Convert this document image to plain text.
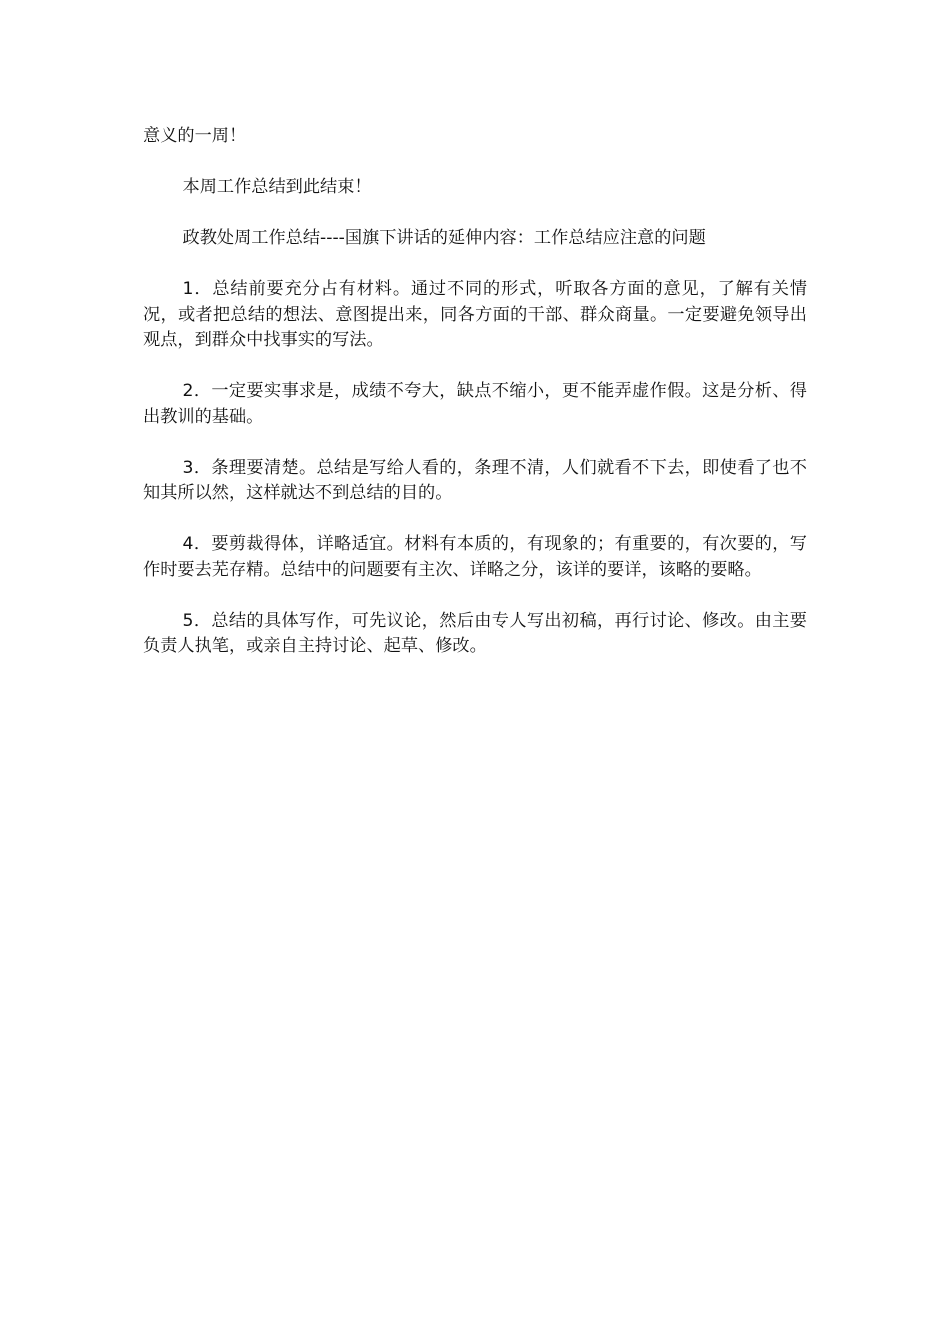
意义的一周！

本周工作总结到此结束！

政教处周工作总结----国旗下讲话的延伸内容：工作总结应注意的问题

1．总结前要充分占有材料。通过不同的形式，听取各方面的意见，了解有关情况，或者把总结的想法、意图提出来，同各方面的干部、群众商量。一定要避免领导出观点，到群众中找事实的写法。

2．一定要实事求是，成绩不夸大，缺点不缩小，更不能弄虚作假。这是分析、得出教训的基础。

3．条理要清楚。总结是写给人看的，条理不清，人们就看不下去，即使看了也不知其所以然，这样就达不到总结的目的。

4．要剪裁得体，详略适宜。材料有本质的，有现象的；有重要的，有次要的，写作时要去芜存精。总结中的问题要有主次、详略之分，该详的要详，该略的要略。

5．总结的具体写作，可先议论，然后由专人写出初稿，再行讨论、修改。由主要负责人执笔，或亲自主持讨论、起草、修改。
